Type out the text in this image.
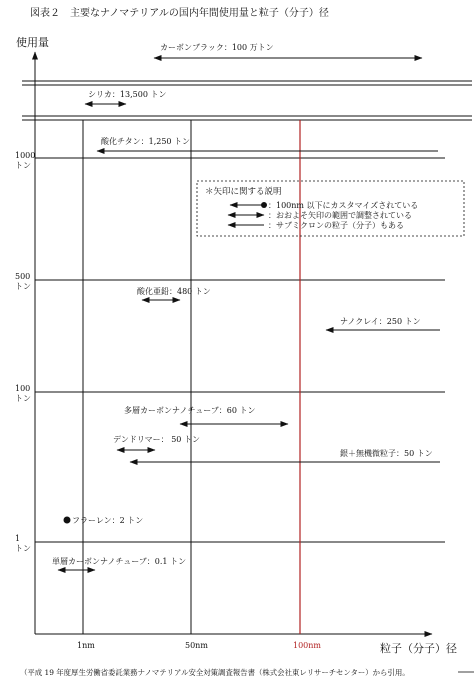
図表２　主要なナノマテリアルの国内年間使用量と粒子（分子）径
使用量
1000 トン
500 トン
100 トン
1 トン
1nm	50nm	100nm	粒子（分子）径
＊矢印に関する説明
：100nm 以下にカスタマイズされている
：おおよそ矢印の範囲で調整されている
：サブミクロンの粒子（分子）もある
カーボンブラック：100 万トン
シリカ：13,500 トン
酸化チタン：1,250 トン
酸化亜鉛：480 トン
ナノクレイ：250 トン
多層カーボンナノチューブ：60 トン
デンドリマー： 50 トン
銀＋無機微粒子：50 トン
フラーレン：2 トン
単層カーボンナノチューブ：0.1 トン
（平成 19 年度厚生労働省委託業務ナノマテリアル安全対策調査報告書（株式会社東レリサーチセンター）から引用。
